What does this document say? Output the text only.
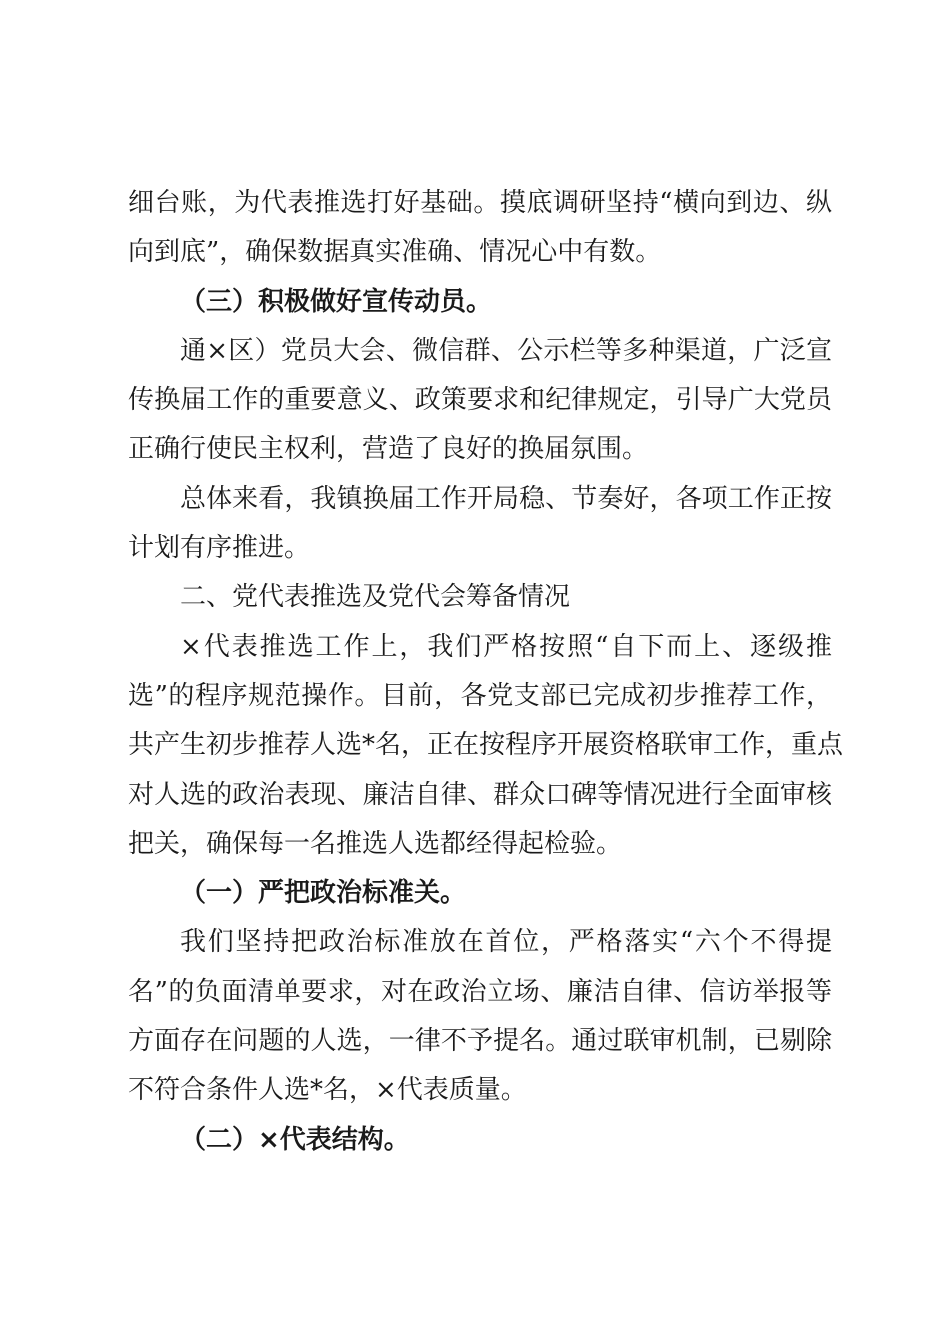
细台账，为代表推选打好基础。摸底调研坚持“横向到边、纵
向到底”，确保数据真实准确、情况心中有数。
（三）积极做好宣传动员。
通×区）党员大会、微信群、公示栏等多种渠道，广泛宣
传换届工作的重要意义、政策要求和纪律规定，引导广大党员
正确行使民主权利，营造了良好的换届氛围。
总体来看，我镇换届工作开局稳、节奏好，各项工作正按
计划有序推进。
二、党代表推选及党代会筹备情况
×代表推选工作上，我们严格按照“自下而上、逐级推
选”的程序规范操作。目前，各党支部已完成初步推荐工作，
共产生初步推荐人选*名，正在按程序开展资格联审工作，重点
对人选的政治表现、廉洁自律、群众口碑等情况进行全面审核
把关，确保每一名推选人选都经得起检验。
（一）严把政治标准关。
我们坚持把政治标准放在首位，严格落实“六个不得提
名”的负面清单要求，对在政治立场、廉洁自律、信访举报等
方面存在问题的人选，一律不予提名。通过联审机制，已剔除
不符合条件人选*名，×代表质量。
（二）×代表结构。
